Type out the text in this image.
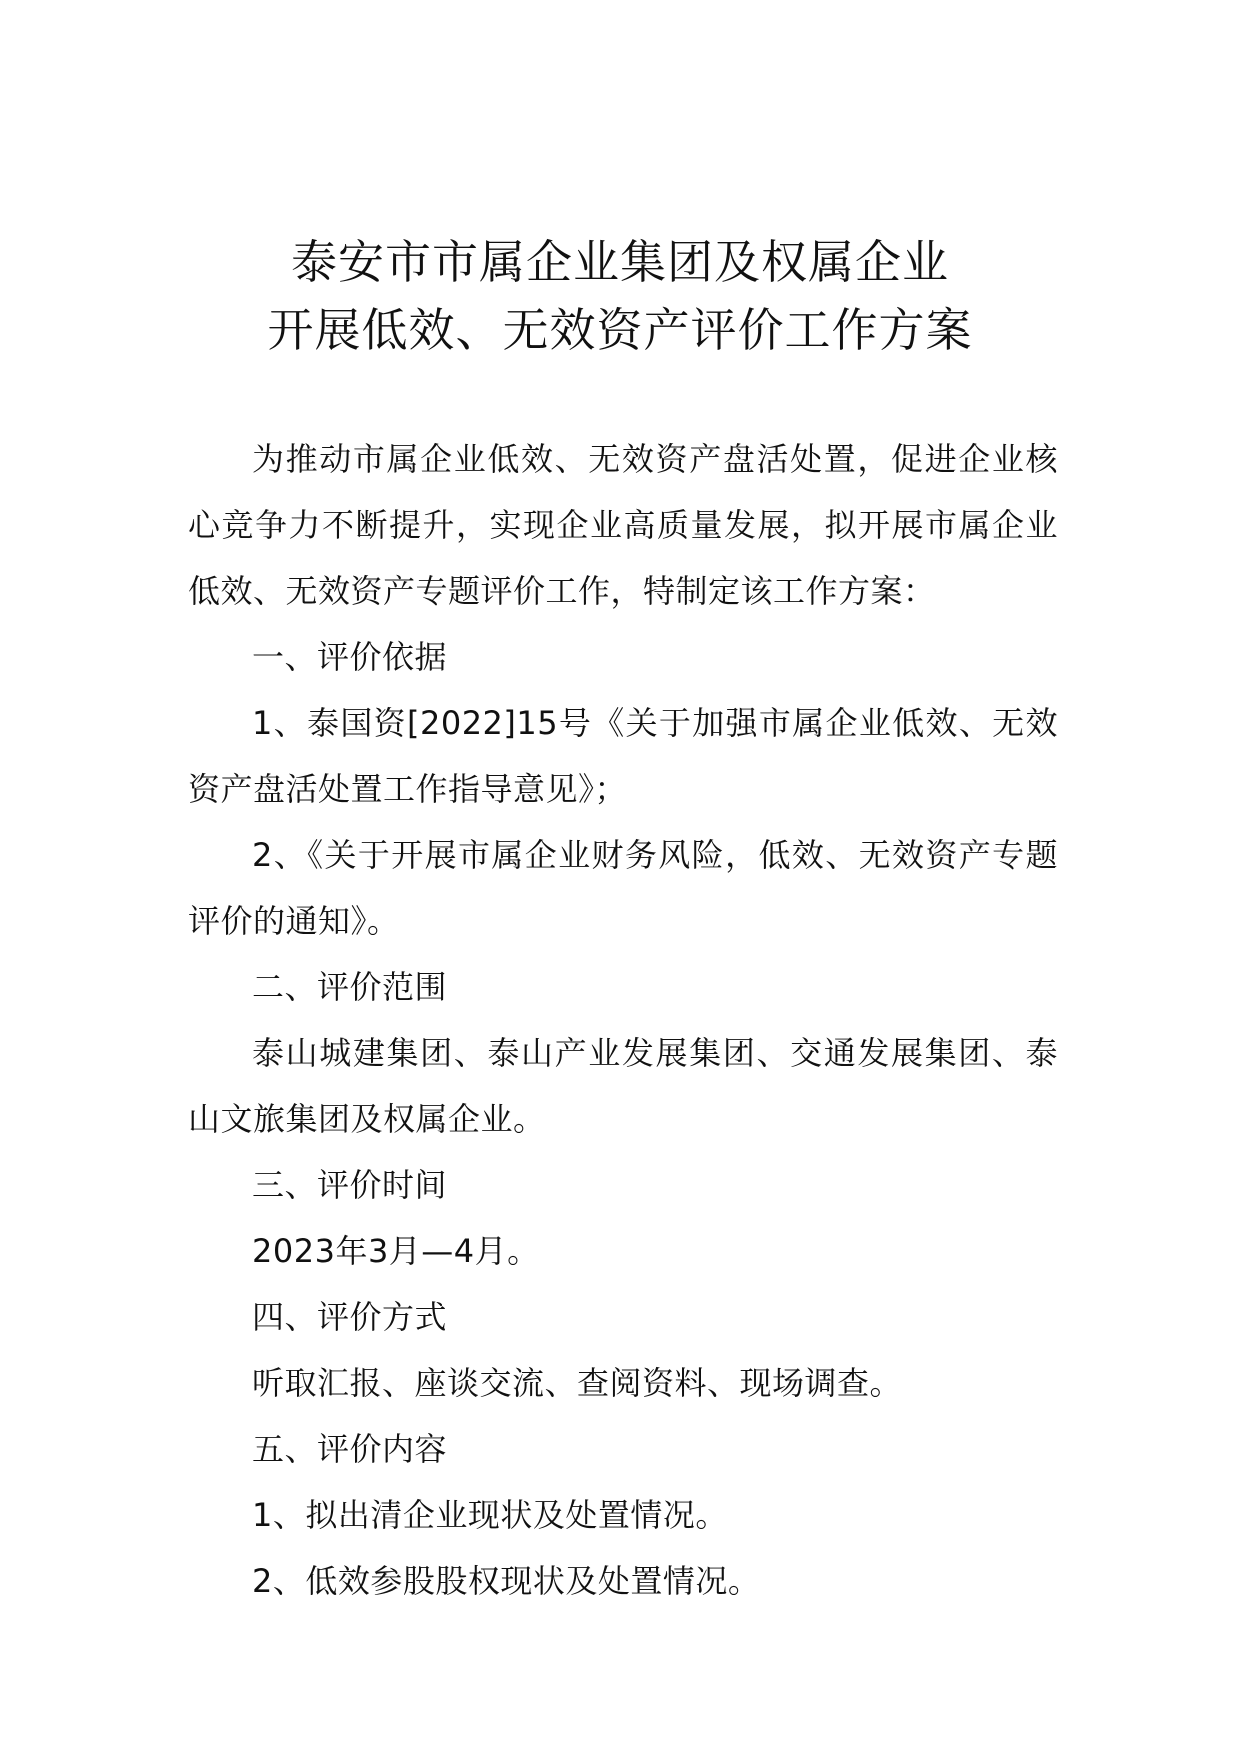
泰安市市属企业集团及权属企业
开展低效、无效资产评价工作方案

为推动市属企业低效、无效资产盘活处置，促进企业核心竞争力不断提升，实现企业高质量发展，拟开展市属企业低效、无效资产专题评价工作，特制定该工作方案：

一、评价依据

1、泰国资[2022]15号《关于加强市属企业低效、无效资产盘活处置工作指导意见》；

2、《关于开展市属企业财务风险，低效、无效资产专题评价的通知》。

二、评价范围

泰山城建集团、泰山产业发展集团、交通发展集团、泰山文旅集团及权属企业。

三、评价时间

2023年3月—4月。

四、评价方式

听取汇报、座谈交流、查阅资料、现场调查。

五、评价内容

1、拟出清企业现状及处置情况。

2、低效参股股权现状及处置情况。
